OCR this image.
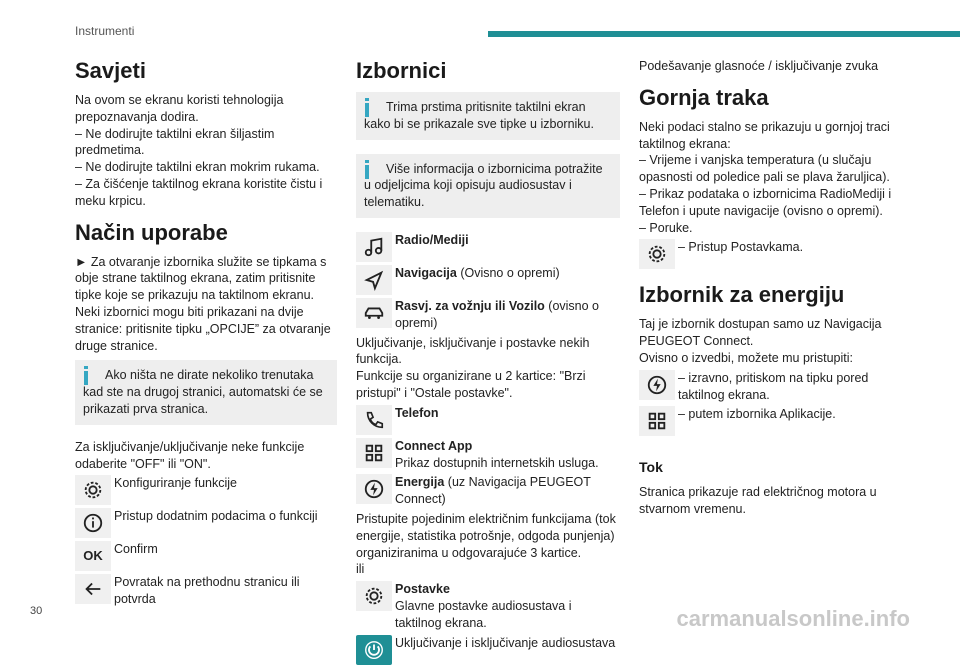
Instrumenti
Savjeti

Na ovom se ekranu koristi tehnologija prepoznavanja dodira.
– Ne dodirujte taktilni ekran šiljastim predmetima.
– Ne dodirujte taktilni ekran mokrim rukama.
– Za čišćenje taktilnog ekrana koristite čistu i meku krpicu.

Način uporabe

► Za otvaranje izbornika služite se tipkama s obje strane taktilnog ekrana, zatim pritisnite tipke koje se prikazuju na taktilnom ekranu.
Neki izbornici mogu biti prikazani na dvije stranice: pritisnite tipku „OPCIJE” za otvaranje druge stranice.

Ako ništa ne dirate nekoliko trenutaka kad ste na drugoj stranici, automatski će se prikazati prva stranica.

Za isključivanje/uključivanje neke funkcije odaberite "OFF" ili "ON".

Konfiguriranje funkcije
Pristup dodatnim podacima o funkciji
OK Confirm
Povratak na prethodnu stranicu ili potvrda
Izbornici

Trima prstima pritisnite taktilni ekran kako bi se prikazale sve tipke u izborniku.

Više informacija o izbornicima potražite u odjeljcima koji opisuju audiosustav i telematiku.

Radio/Mediji
Navigacija (Ovisno o opremi)
Rasvj. za vožnju ili Vozilo (ovisno o opremi)

Uključivanje, isključivanje i postavke nekih funkcija.
Funkcije su organizirane u 2 kartice: "Brzi pristupi" i "Ostale postavke".

Telefon
Connect App
Prikaz dostupnih internetskih usluga.
Energija (uz Navigacija PEUGEOT Connect)

Pristupite pojedinim električnim funkcijama (tok energije, statistika potrošnje, odgoda punjenja) organiziranima u odgovarajuće 3 kartice.
ili

Postavke
Glavne postavke audiosustava i taktilnog ekrana.
Uključivanje i isključivanje audiosustava

Podešavanje glasnoće / isključivanje zvuka

Gornja traka

Neki podaci stalno se prikazuju u gornjoj traci taktilnog ekrana:
– Vrijeme i vanjska temperatura (u slučaju opasnosti od poledice pali se plava žaruljica).
– Prikaz podataka o izbornicima RadioMediji i Telefon i upute navigacije (ovisno o opremi).
– Poruke.

– Pristup Postavkama.
Izbornik za energiju

Taj je izbornik dostupan samo uz Navigacija PEUGEOT Connect.
Ovisno o izvedbi, možete mu pristupiti:

– izravno, pritiskom na tipku pored taktilnog ekrana.
– putem izbornika Aplikacije.
Tok

Stranica prikazuje rad električnog motora u stvarnom vremenu.

30	carmanualsonline.info
